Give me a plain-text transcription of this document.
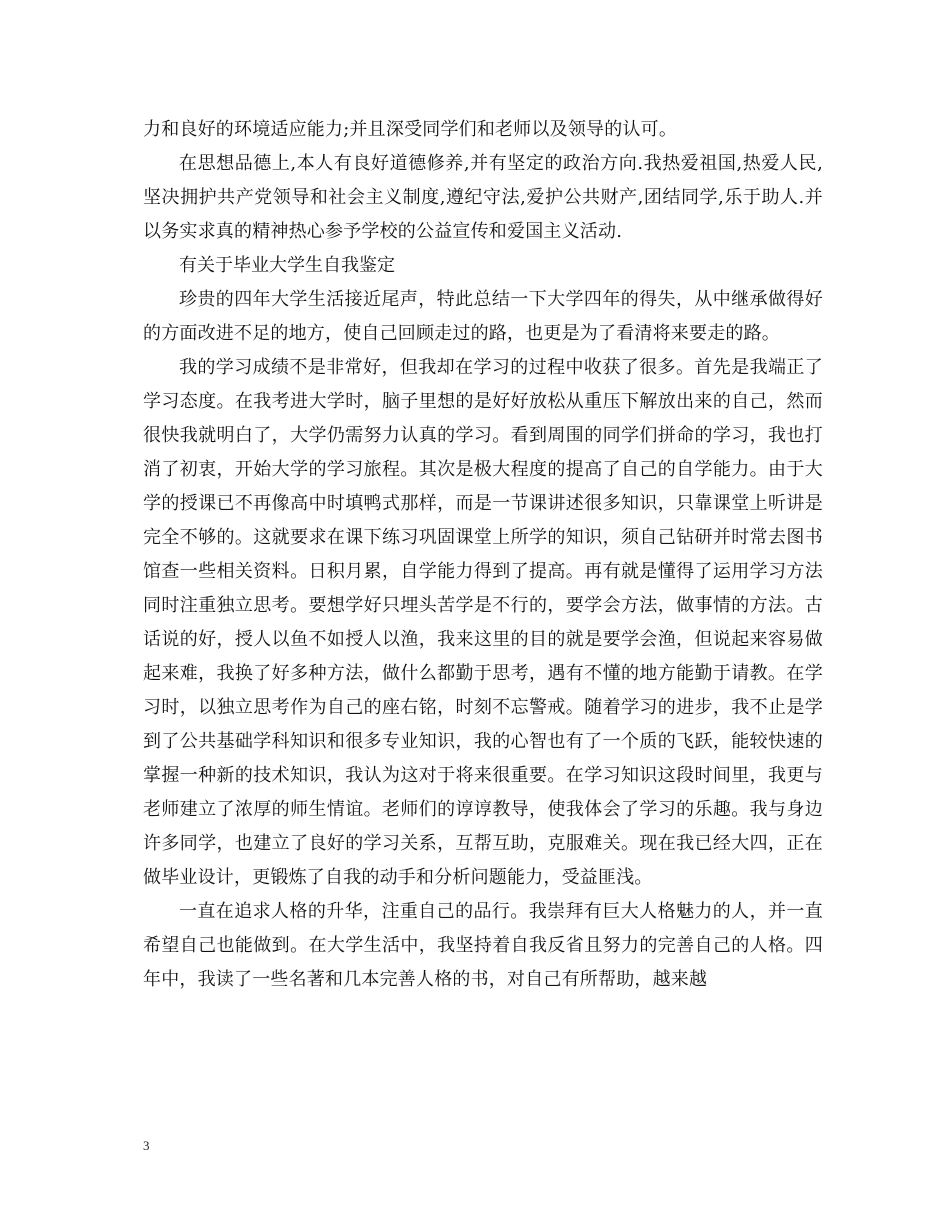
力和良好的环境适应能力;并且深受同学们和老师以及领导的认可。

在思想品德上,本人有良好道德修养,并有坚定的政治方向.我热爱祖国,热爱人民,坚决拥护共产党领导和社会主义制度,遵纪守法,爱护公共财产,团结同学,乐于助人.并以务实求真的精神热心参予学校的公益宣传和爱国主义活动.

有关于毕业大学生自我鉴定

珍贵的四年大学生活接近尾声，特此总结一下大学四年的得失，从中继承做得好的方面改进不足的地方，使自己回顾走过的路，也更是为了看清将来要走的路。

我的学习成绩不是非常好，但我却在学习的过程中收获了很多。首先是我端正了学习态度。在我考进大学时，脑子里想的是好好放松从重压下解放出来的自己，然而很快我就明白了，大学仍需努力认真的学习。看到周围的同学们拼命的学习，我也打消了初衷，开始大学的学习旅程。其次是极大程度的提高了自己的自学能力。由于大学的授课已不再像高中时填鸭式那样，而是一节课讲述很多知识，只靠课堂上听讲是完全不够的。这就要求在课下练习巩固课堂上所学的知识，须自己钻研并时常去图书馆查一些相关资料。日积月累，自学能力得到了提高。再有就是懂得了运用学习方法同时注重独立思考。要想学好只埋头苦学是不行的，要学会方法，做事情的方法。古话说的好，授人以鱼不如授人以渔，我来这里的目的就是要学会渔，但说起来容易做起来难，我换了好多种方法，做什么都勤于思考，遇有不懂的地方能勤于请教。在学习时，以独立思考作为自己的座右铭，时刻不忘警戒。随着学习的进步，我不止是学到了公共基础学科知识和很多专业知识，我的心智也有了一个质的飞跃，能较快速的掌握一种新的技术知识，我认为这对于将来很重要。在学习知识这段时间里，我更与老师建立了浓厚的师生情谊。老师们的谆谆教导，使我体会了学习的乐趣。我与身边许多同学，也建立了良好的学习关系，互帮互助，克服难关。现在我已经大四，正在做毕业设计，更锻炼了自我的动手和分析问题能力，受益匪浅。

一直在追求人格的升华，注重自己的品行。我崇拜有巨大人格魅力的人，并一直希望自己也能做到。在大学生活中，我坚持着自我反省且努力的完善自己的人格。四年中，我读了一些名著和几本完善人格的书，对自己有所帮助，越来越

3
